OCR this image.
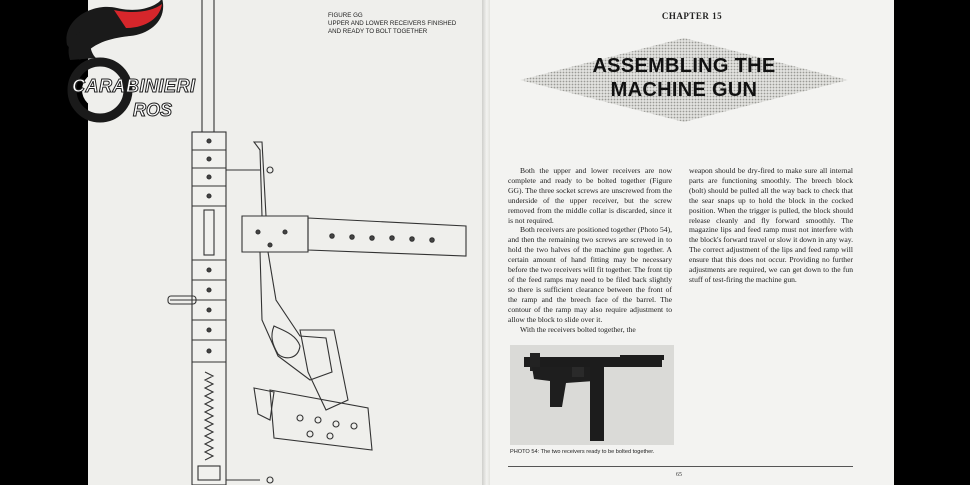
CARABINIERI
ROS
FIGURE GG
UPPER AND LOWER RECEIVERS FINISHED
AND READY TO BOLT TOGETHER
CHAPTER 15
ASSEMBLING THE
MACHINE GUN

Both the upper and lower receivers are now complete and ready to be bolted together (Figure GG). The three socket screws are unscrewed from the underside of the upper receiver, but the screw removed from the middle collar is discarded, since it is not required.

Both receivers are positioned together (Photo 54), and then the remaining two screws are screwed in to hold the two halves of the machine gun together. A certain amount of hand fitting may be necessary before the two receivers will fit together. The front tip of the feed ramps may need to be filed back slightly so there is sufficient clearance between the front of the ramp and the breech face of the barrel. The contour of the ramp may also require adjustment to allow the block to slide over it.

With the receivers bolted together, the

weapon should be dry-fired to make sure all internal parts are functioning smoothly. The breech block (bolt) should be pulled all the way back to check that the sear snaps up to hold the block in the cocked position. When the trigger is pulled, the block should release cleanly and fly forward smoothly. The magazine lips and feed ramp must not interfere with the block's forward travel or slow it down in any way. The correct adjustment of the lips and feed ramp will ensure that this does not occur. Providing no further adjustments are required, we can get down to the fun stuff of test-firing the machine gun.

PHOTO 54: The two receivers ready to be bolted together.
65
